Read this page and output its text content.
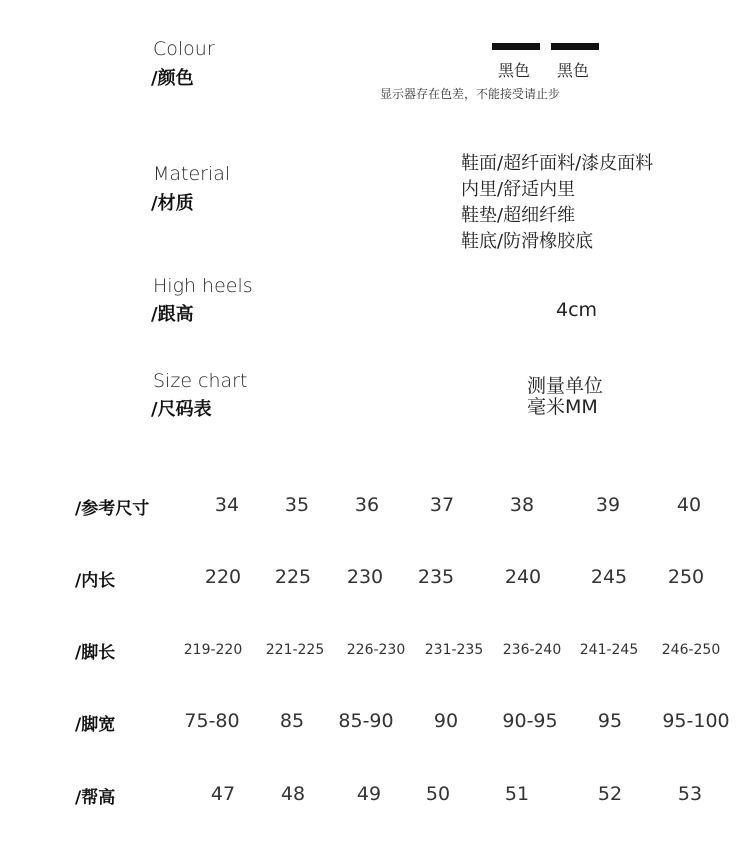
Colour
/颜色	黑色 黑色
显示器存在色差，不能接受请止步
Material
/材质
鞋面/超纤面料/漆皮面料
内里/舒适内里
鞋垫/超细纤维
鞋底/防滑橡胶底
High heels
/跟高	4cm
Size chart
/尺码表
测量单位
毫米MM
/参考尺寸	34	35	36	37	38	39	40
/内长	220	225	230	235	240	245	250
/脚长	219-220	221-225	226-230	231-235	236-240	241-245	246-250
/脚宽	75-80	85	85-90	90	90-95	95	95-100
/帮高	47	48	49	50	51	52	53
